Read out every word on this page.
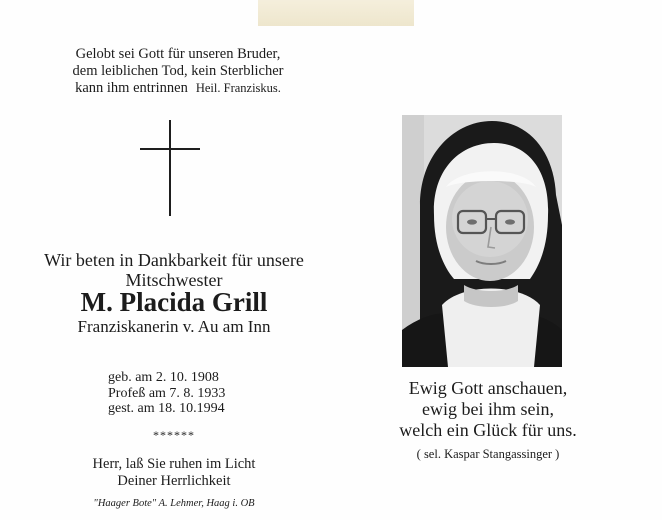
Gelobt sei Gott für unseren Bruder,
dem leiblichen Tod, kein Sterblicher
kann ihm entrinnen Heil. Franziskus.
Wir beten in Dankbarkeit für unsere
Mitschwester
M. Placida Grill
Franziskanerin v. Au am Inn
geb. am 2. 10. 1908
Profeß am 7. 8. 1933
gest. am 18. 10.1994
******
Herr, laß Sie ruhen im Licht
Deiner Herrlichkeit
"Haager Bote" A. Lehmer, Haag i. OB
Ewig Gott anschauen,
ewig bei ihm sein,
welch ein Glück für uns.
( sel. Kaspar Stangassinger )
